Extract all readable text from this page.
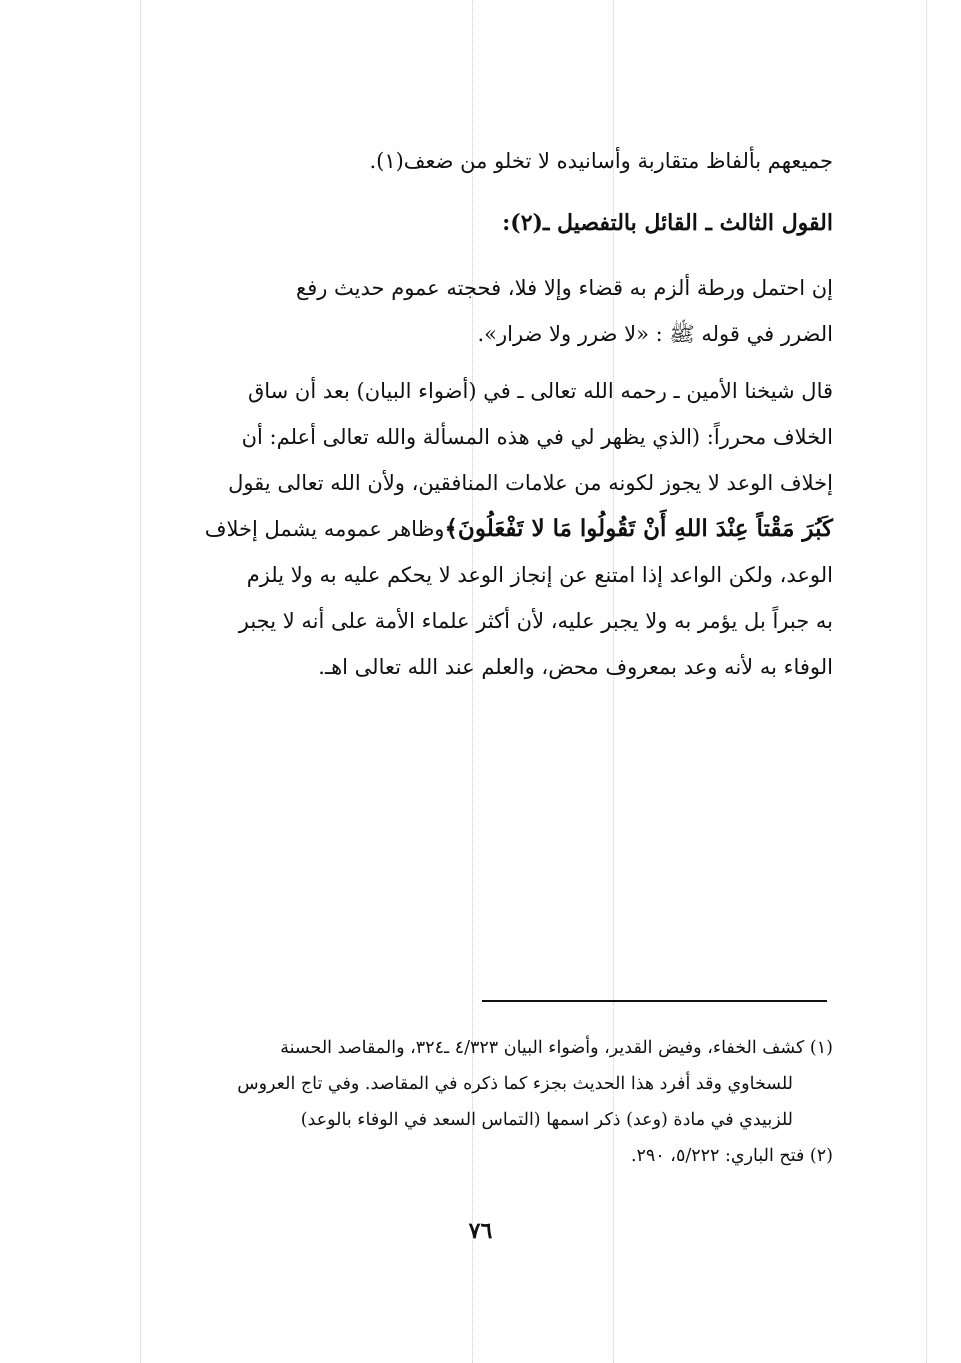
جميعهم بألفاظ متقاربة وأسانيده لا تخلو من ضعف(١).
القول الثالث ـ القائل بالتفصيل ـ(٢):
إن احتمل ورطة ألزم به قضاء وإلا فلا، فحجته عموم حديث رفع
الضرر في قوله ﷺ : «لا ضرر ولا ضرار».
قال شيخنا الأمين ـ رحمه الله تعالى ـ في (أضواء البيان) بعد أن ساق
الخلاف محرراً: (الذي يظهر لي في هذه المسألة والله تعالى أعلم: أن
إخلاف الوعد لا يجوز لكونه من علامات المنافقين، ولأن الله تعالى يقول
كَبُرَ مَقْتاً عِنْدَ اللهِ أَنْ تَقُولُوا مَا لا تَفْعَلُونَ﴾وظاهر عمومه يشمل إخلاف
الوعد، ولكن الواعد إذا امتنع عن إنجاز الوعد لا يحكم عليه به ولا يلزم
به جبراً بل يؤمر به ولا يجبر عليه، لأن أكثر علماء الأمة على أنه لا يجبر
الوفاء به لأنه وعد بمعروف محض، والعلم عند الله تعالى اهـ.
(١) كشف الخفاء، وفيض القدير، وأضواء البيان ٤/٣٢٣ ـ٣٢٤، والمقاصد الحسنة
للسخاوي وقد أفرد هذا الحديث بجزء كما ذكره في المقاصد. وفي تاج العروس
للزبيدي في مادة (وعد) ذكر اسمها (التماس السعد في الوفاء بالوعد)
(٢) فتح الباري: ٥/٢٢٢، ٢٩٠.
٧٦
